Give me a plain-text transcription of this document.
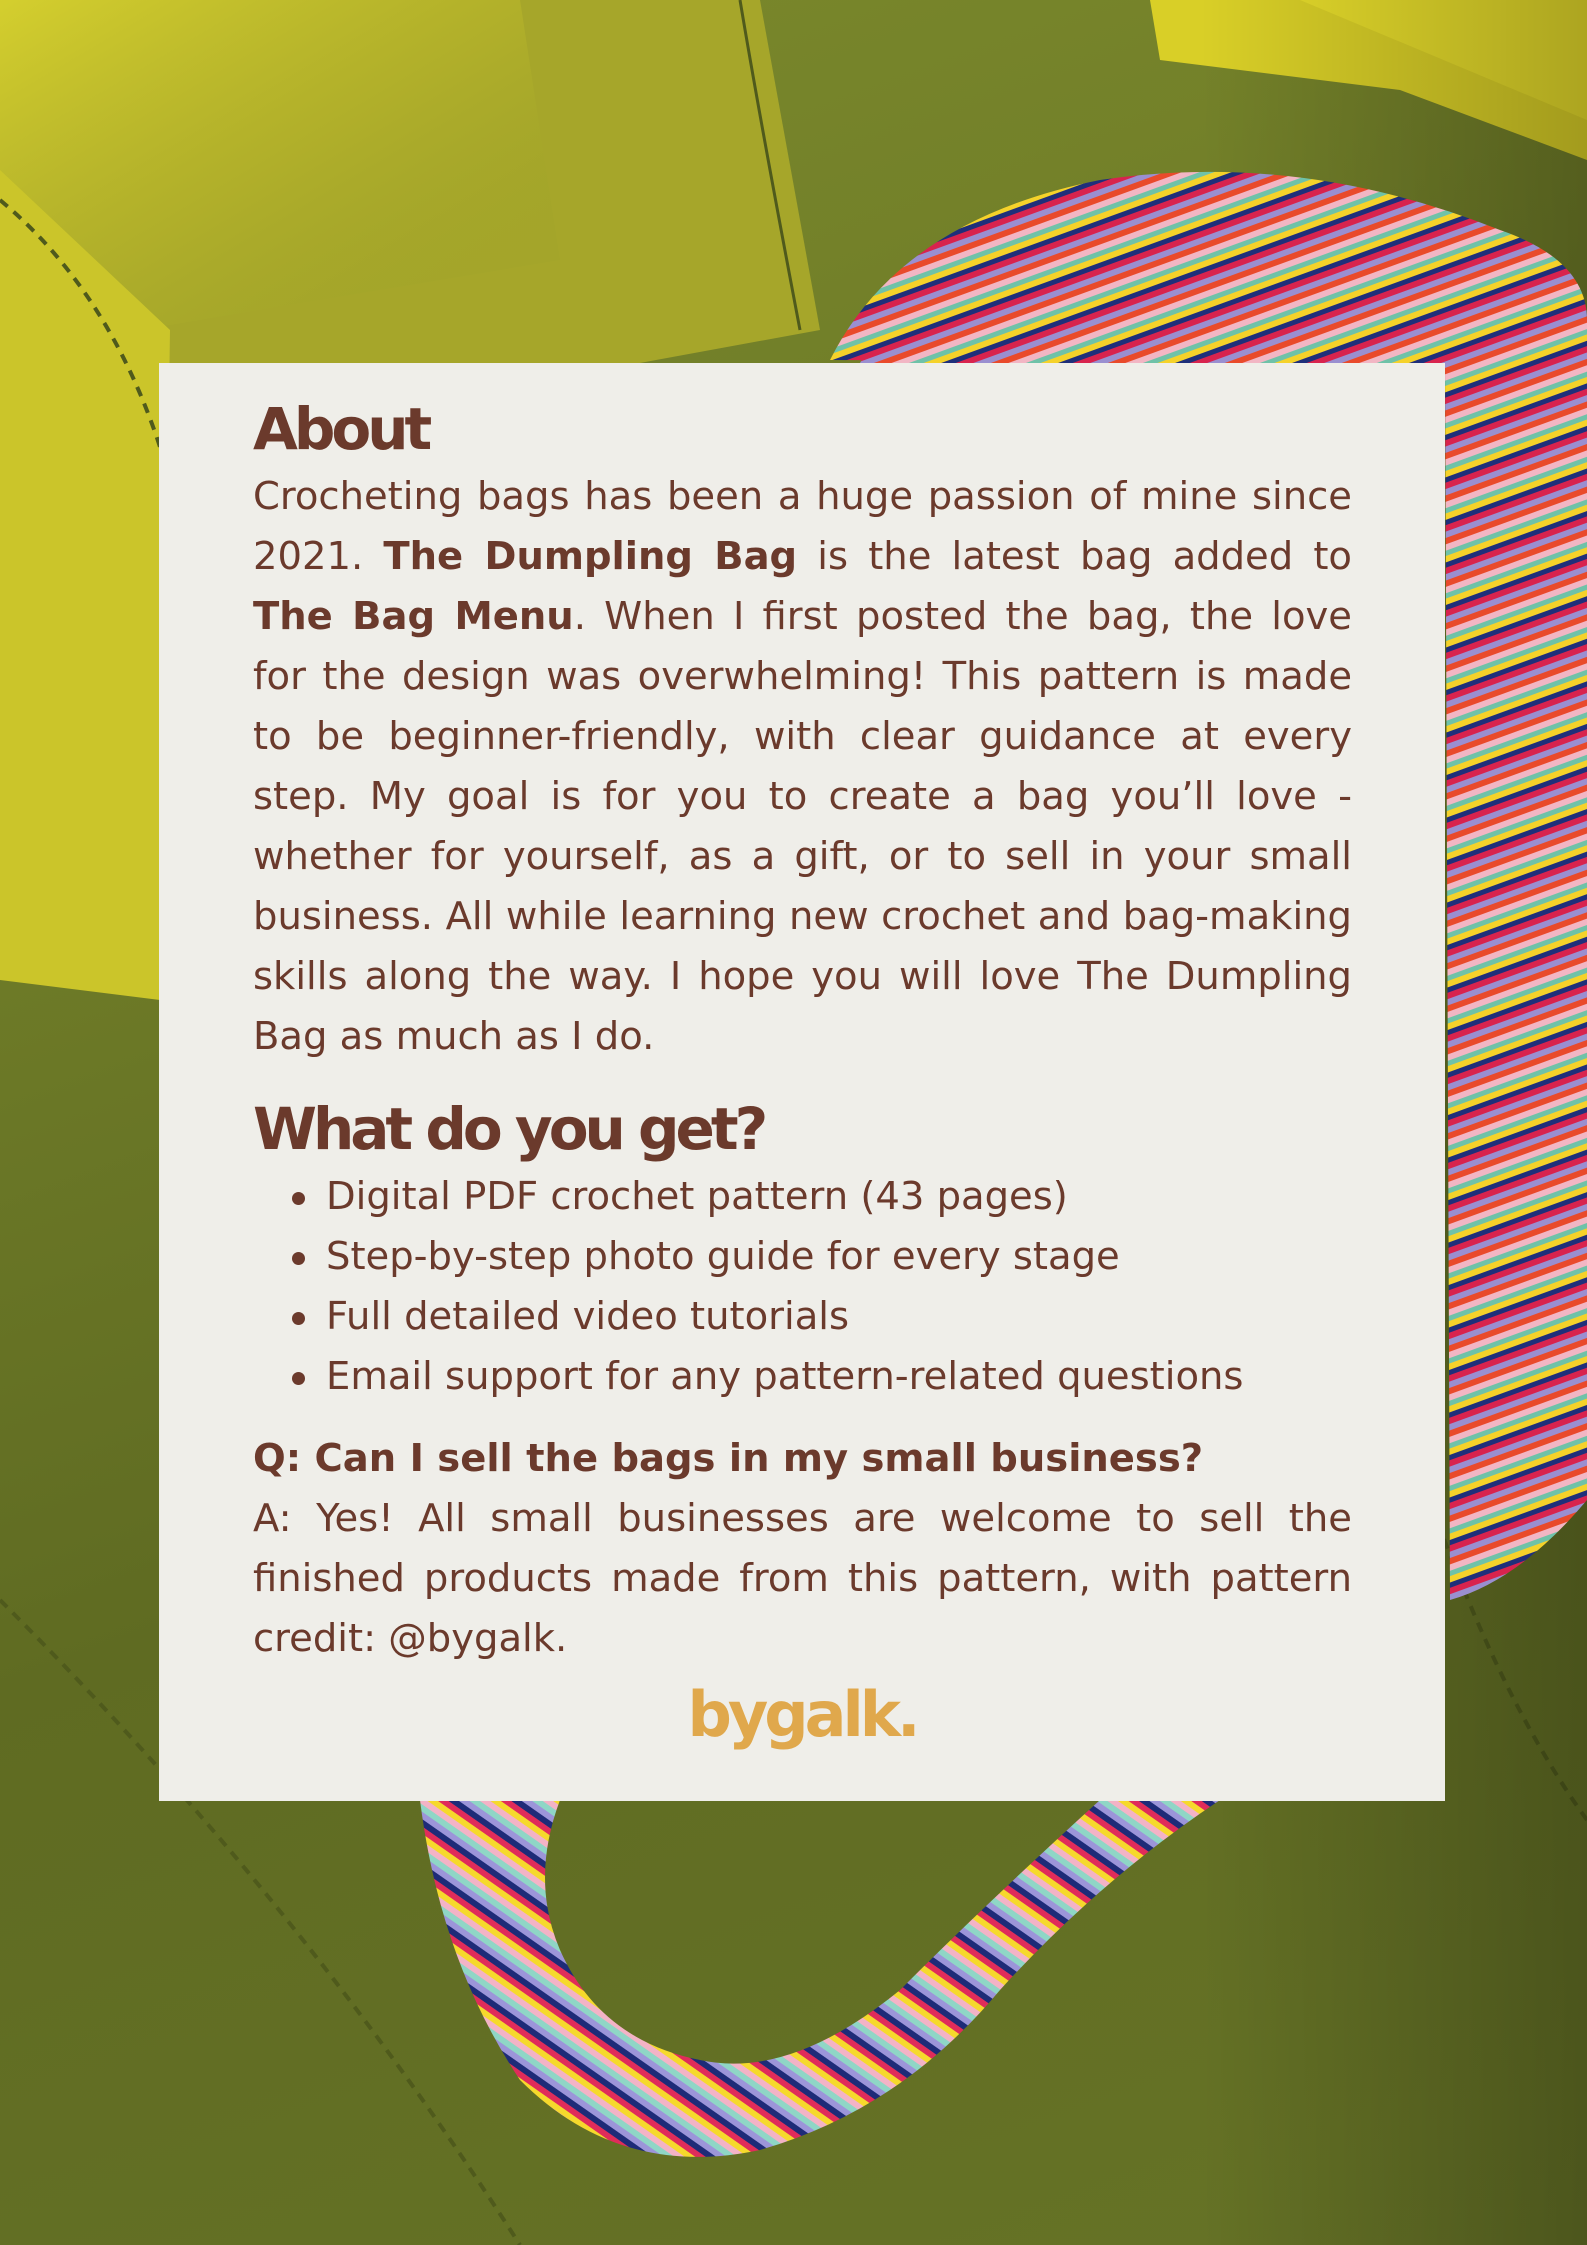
About

Crocheting bags has been a huge passion of mine since 2021. The Dumpling Bag is the latest bag added to The Bag Menu. When I first posted the bag, the love for the design was overwhelming! This pattern is made to be beginner-friendly, with clear guidance at every step. My goal is for you to create a bag you’ll love - whether for yourself, as a gift, or to sell in your small business. All while learning new crochet and bag-making skills along the way. I hope you will love The Dumpling Bag as much as I do.

What do you get?
Digital PDF crochet pattern (43 pages)
Step-by-step photo guide for every stage
Full detailed video tutorials
Email support for any pattern-related questions

Q: Can I sell the bags in my small business?

A: Yes! All small businesses are welcome to sell the finished products made from this pattern, with pattern credit: @bygalk.

bygalk.
